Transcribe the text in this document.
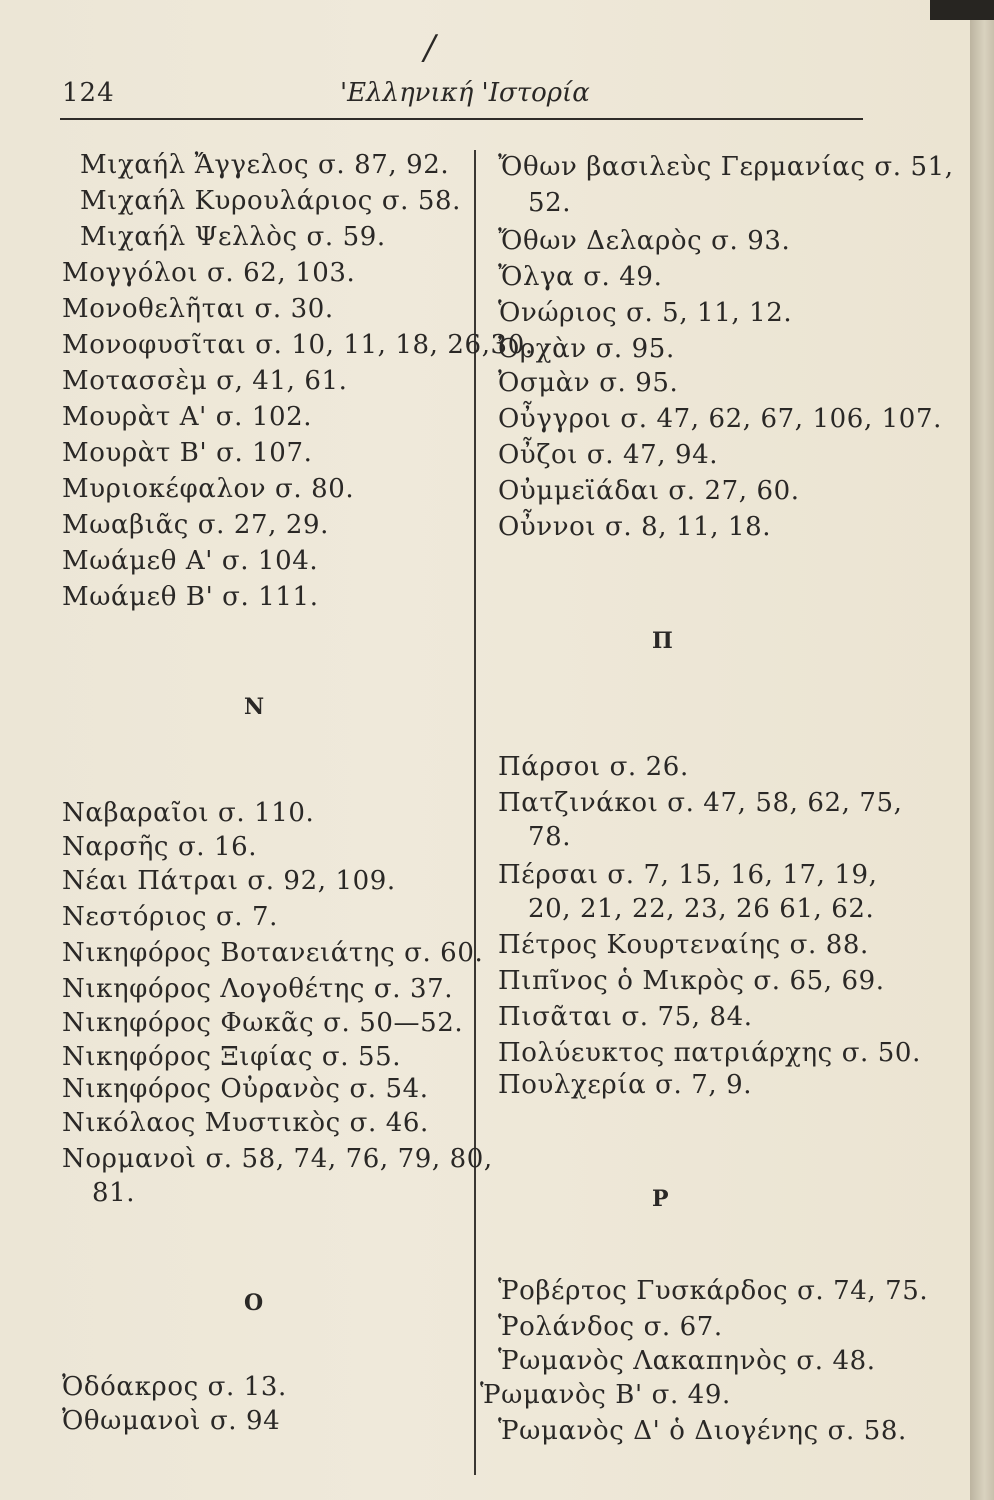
/
124	'Ελληνική 'Ιστορία
Μιχαήλ Ἄγγελος σ. 87, 92.
Μιχαήλ Κυρουλάριος σ. 58.
Μιχαήλ Ψελλὸς σ. 59.
Μογγόλοι σ. 62, 103.
Μονοθελῆται σ. 30.
Μονοφυσῖται σ. 10, 11, 18, 26,30.
Μοτασσὲμ σ, 41, 61.
Μουρὰτ Α' σ. 102.
Μουρὰτ Β' σ. 107.
Μυριοκέφαλον σ. 80.
Μωαβιᾶς σ. 27, 29.
Μωάμεθ Α' σ. 104.
Μωάμεθ Β' σ. 111.
N
Ναβαραῖοι σ. 110.
Ναρσῆς σ. 16.
Νέαι Πάτραι σ. 92, 109.
Νεστόριος σ. 7.
Νικηφόρος Βοτανειάτης σ. 60.
Νικηφόρος Λογοθέτης σ. 37.
Νικηφόρος Φωκᾶς σ. 50—52.
Νικηφόρος Ξιφίας σ. 55.
Νικηφόρος Οὐρανὸς σ. 54.
Νικόλαος Μυστικὸς σ. 46.
Νορμανοὶ σ. 58, 74, 76, 79, 80,
81.
O
Ὀδόακρος σ. 13.
Ὀθωμανοὶ σ. 94
Ὄθων βασιλεὺς Γερμανίας σ. 51,
52.
Ὄθων Δελαρὸς σ. 93.
Ὄλγα σ. 49.
Ὁνώριος σ. 5, 11, 12.
Ὀρχὰν σ. 95.
Ὀσμὰν σ. 95.
Οὖγγροι σ. 47, 62, 67, 106, 107.
Οὖζοι σ. 47, 94.
Οὐμμεϊάδαι σ. 27, 60.
Οὖννοι σ. 8, 11, 18.
Π
Πάρσοι σ. 26.
Πατζινάκοι σ. 47, 58, 62, 75,
78.
Πέρσαι σ. 7, 15, 16, 17, 19,
20, 21, 22, 23, 26 61, 62.
Πέτρος Κουρτεναίης σ. 88.
Πιπῖνος ὁ Μικρὸς σ. 65, 69.
Πισᾶται σ. 75, 84.
Πολύευκτος πατριάρχης σ. 50.
Πουλχερία σ. 7, 9.
P
Ῥοβέρτος Γυσκάρδος σ. 74, 75.
Ῥολάνδος σ. 67.
Ῥωμανὸς Λακαπηνὸς σ. 48.
Ῥωμανὸς Β' σ. 49.
Ῥωμανὸς Δ' ὁ Διογένης σ. 58.
